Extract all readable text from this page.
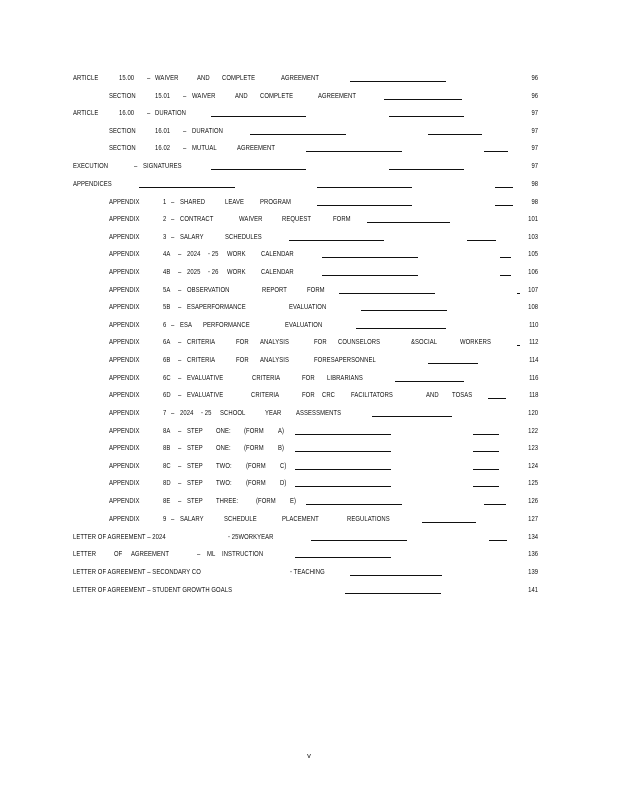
ARTICLE	15.00 – WAIVER	AND COMPLETE	AGREEMENT	96
SECTION	15.01 – WAIVER	AND COMPLETE	AGREEMENT	96
ARTICLE	16.00 – DURATION	97
SECTION	16.01 – DURATION	97
SECTION	16.02 – MUTUAL	AGREEMENT	97
EXECUTION	– SIGNATURES	97
APPENDICES	98
APPENDIX	1 – SHARED	LEAVE PROGRAM	98
APPENDIX	2 – CONTRACT	WAIVER	REQUEST	FORM	101
APPENDIX	3 – SALARY	SCHEDULES	103
APPENDIX	4A – 2024 - 25 WORK CALENDAR	105
APPENDIX	4B – 2025 - 26 WORK CALENDAR	106
APPENDIX	5A – OBSERVATION	REPORT	FORM	107
APPENDIX	5B – ESAPERFORMANCE	EVALUATION	108
APPENDIX	6 – ESA PERFORMANCE	EVALUATION	110
APPENDIX	6A – CRITERIA	FOR ANALYSIS	FOR COUNSELORS	&SOCIAL	WORKERS	112
APPENDIX	6B – CRITERIA	FOR ANALYSIS	FORESAPERSONNEL	114
APPENDIX	6C – EVALUATIVE	CRITERIA	FOR LIBRARIANS	116
APPENDIX	6D – EVALUATIVE	CRITERIA	FOR CRC FACILITATORS	AND TOSAS	118
APPENDIX	7 – 2024 - 25 SCHOOL	YEAR ASSESSMENTS	120
APPENDIX	8A – STEP ONE: (FORM A)	122
APPENDIX	8B – STEP ONE: (FORM B)	123
APPENDIX	8C – STEP TWO: (FORM C)	124
APPENDIX	8D – STEP TWO: (FORM D)	125
APPENDIX	8E – STEP THREE: (FORM E)	126
APPENDIX	9 – SALARY	SCHEDULE	PLACEMENT	REGULATIONS	127
LETTER OF AGREEMENT – 2024	- 25WORKYEAR	134
LETTER OF AGREEMENT	– ML INSTRUCTION	136
LETTER OF AGREEMENT – SECONDARY CO	- TEACHING	139
LETTER OF AGREEMENT – STUDENT GROWTH GOALS	141
v
